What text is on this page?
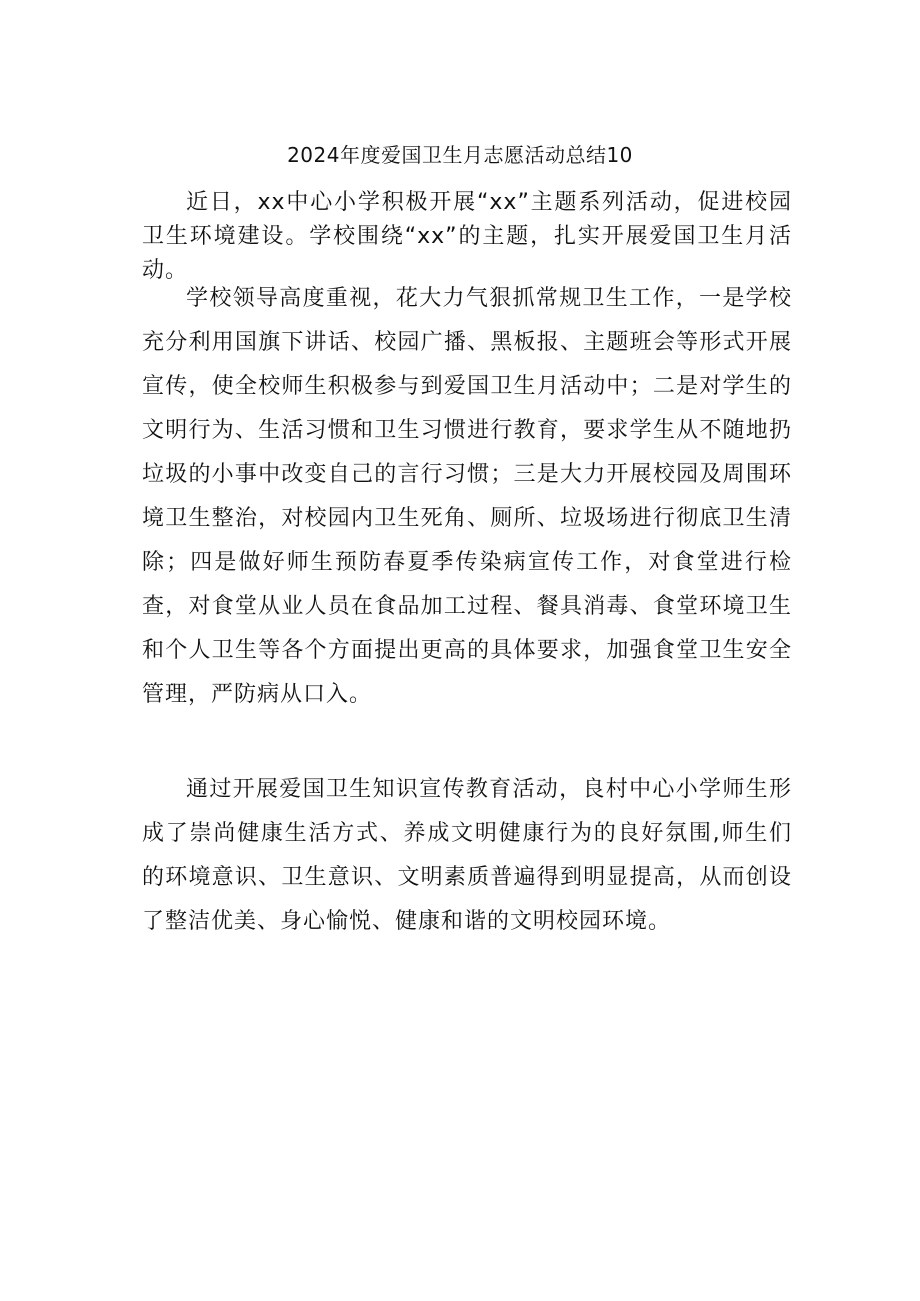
2024年度爱国卫生月志愿活动总结10

近日，xx中心小学积极开展“xx”主题系列活动，促进校园卫生环境建设。学校围绕“xx”的主题，扎实开展爱国卫生月活动。

学校领导高度重视，花大力气狠抓常规卫生工作，一是学校充分利用国旗下讲话、校园广播、黑板报、主题班会等形式开展宣传，使全校师生积极参与到爱国卫生月活动中；二是对学生的文明行为、生活习惯和卫生习惯进行教育，要求学生从不随地扔垃圾的小事中改变自己的言行习惯；三是大力开展校园及周围环境卫生整治，对校园内卫生死角、厕所、垃圾场进行彻底卫生清除；四是做好师生预防春夏季传染病宣传工作，对食堂进行检查，对食堂从业人员在食品加工过程、餐具消毒、食堂环境卫生和个人卫生等各个方面提出更高的具体要求，加强食堂卫生安全管理，严防病从口入。

通过开展爱国卫生知识宣传教育活动，良村中心小学师生形成了崇尚健康生活方式、养成文明健康行为的良好氛围,师生们的环境意识、卫生意识、文明素质普遍得到明显提高，从而创设了整洁优美、身心愉悦、健康和谐的文明校园环境。
